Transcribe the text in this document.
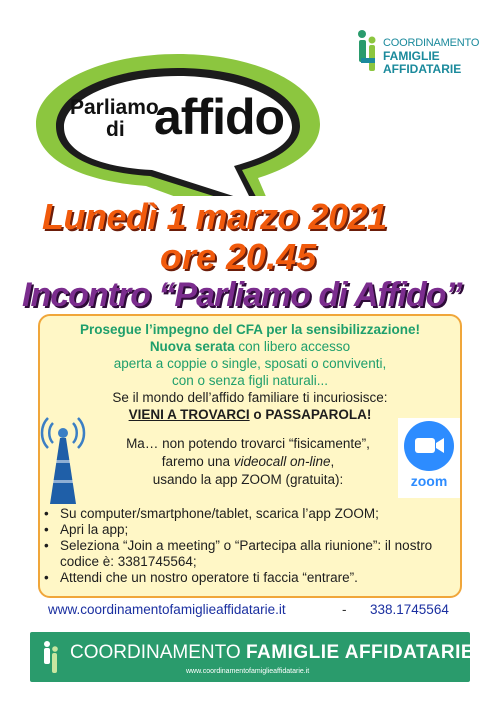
COORDINAMENTO
FAMIGLIE
AFFIDATARIE
Parliamo
di affido
Lunedì 1 marzo 2021
ore 20.45
Incontro “Parliamo di Affido”
Prosegue l’impegno del CFA per la sensibilizzazione!
Nuova serata con libero accesso
aperta a coppie o single, sposati o conviventi,
con o senza figli naturali...
Se il mondo dell’affido familiare ti incuriosisce:
VIENI A TROVARCI o PASSAPAROLA!
Ma… non potendo trovarci “fisicamente”,
faremo una videocall on-line,
usando la app ZOOM (gratuita):	zoom
• Su computer/smartphone/tablet, scarica l’app ZOOM;
• Apri la app;
• Seleziona “Join a meeting” o “Partecipa alla riunione”: il nostro codice è: 3381745564;
• Attendi che un nostro operatore ti faccia “entrare”.
www.coordinamentofamiglieaffidatarie.it	- 338.1745564
COORDINAMENTO FAMIGLIE AFFIDATARIE
www.coordinamentofamiglieaffidatarie.it
